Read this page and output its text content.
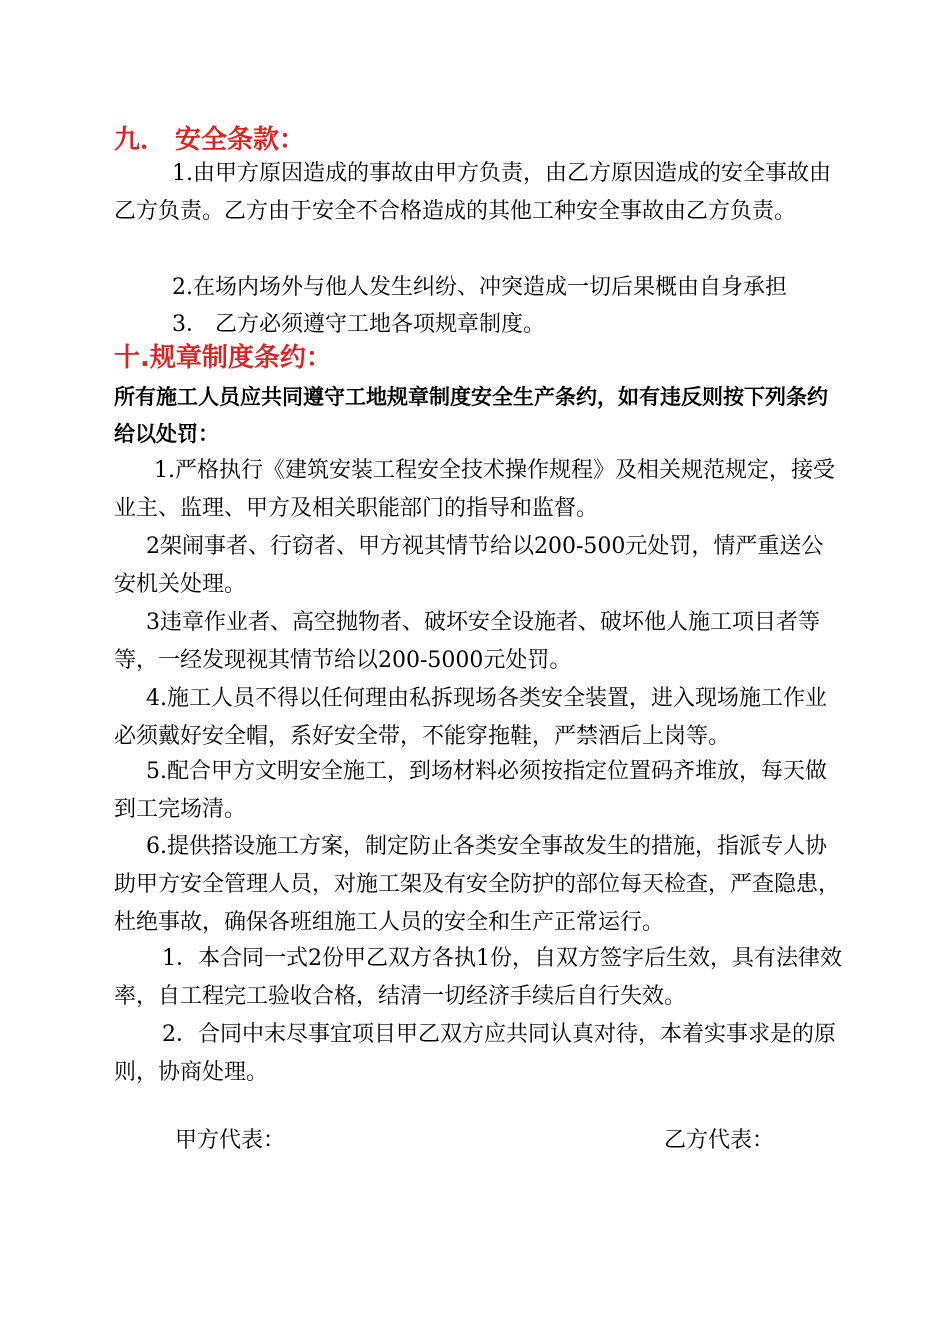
九． 安全条款：
1.由甲方原因造成的事故由甲方负责，由乙方原因造成的安全事故由乙方负责。乙方由于安全不合格造成的其他工种安全事故由乙方负责。
2.在场内场外与他人发生纠纷、冲突造成一切后果概由自身承担
3． 乙方必须遵守工地各项规章制度。
十.规章制度条约：
所有施工人员应共同遵守工地规章制度安全生产条约，如有违反则按下列条约给以处罚：
1.严格执行《建筑安装工程安全技术操作规程》及相关规范规定，接受业主、监理、甲方及相关职能部门的指导和监督。
2架闹事者、行窃者、甲方视其情节给以200-500元处罚，情严重送公安机关处理。
3违章作业者、高空抛物者、破坏安全设施者、破坏他人施工项目者等等，一经发现视其情节给以200-5000元处罚。
4.施工人员不得以任何理由私拆现场各类安全装置，进入现场施工作业必须戴好安全帽，系好安全带，不能穿拖鞋，严禁酒后上岗等。
5.配合甲方文明安全施工，到场材料必须按指定位置码齐堆放，每天做到工完场清。
6.提供搭设施工方案，制定防止各类安全事故发生的措施，指派专人协助甲方安全管理人员，对施工架及有安全防护的部位每天检查，严查隐患，杜绝事故，确保各班组施工人员的安全和生产正常运行。
1．本合同一式2份甲乙双方各执1份，自双方签字后生效，具有法律效率，自工程完工验收合格，结清一切经济手续后自行失效。
2．合同中末尽事宜项目甲乙双方应共同认真对待，本着实事求是的原则，协商处理。
甲方代表：	乙方代表：
